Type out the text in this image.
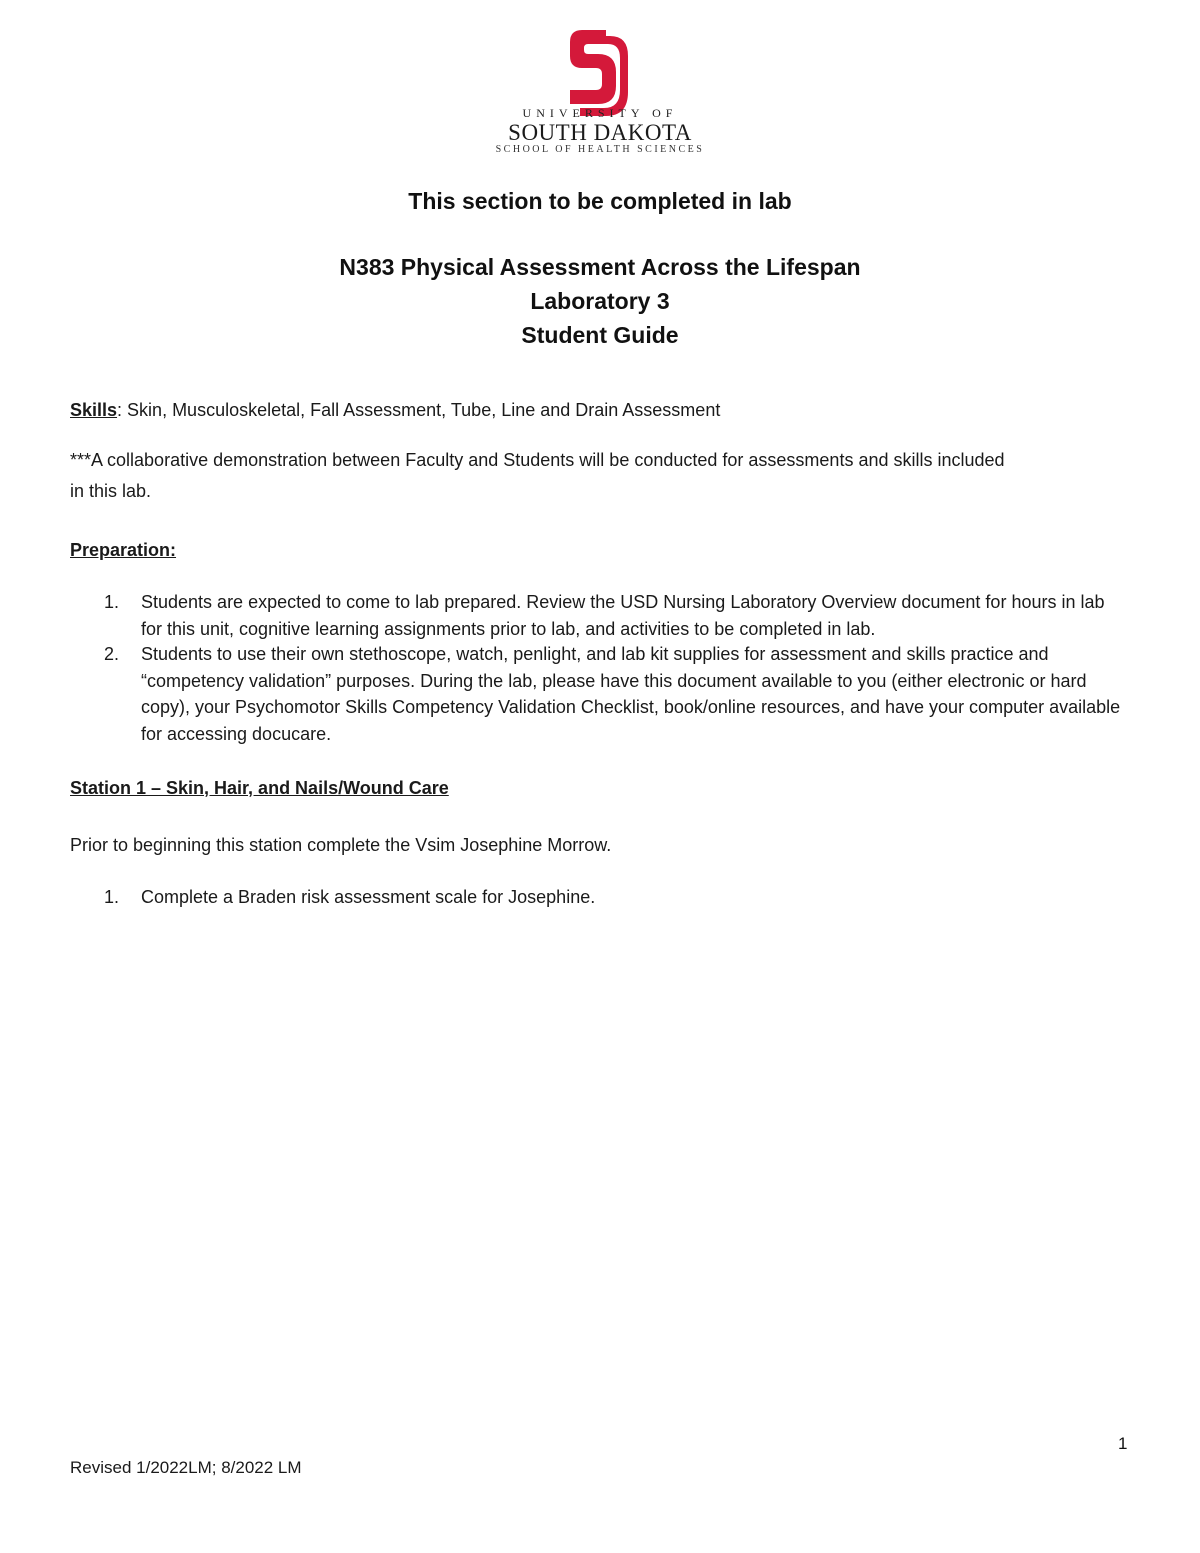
UNIVERSITY OF
SOUTH DAKOTA
SCHOOL OF HEALTH SCIENCES
This section to be completed in lab
N383 Physical Assessment Across the Lifespan
Laboratory 3
Student Guide
Skills: Skin, Musculoskeletal, Fall Assessment, Tube, Line and Drain Assessment
***A collaborative demonstration between Faculty and Students will be conducted for assessments and skills included
in this lab.
Preparation:
1. Students are expected to come to lab prepared. Review the USD Nursing Laboratory Overview document for hours in lab for this unit, cognitive learning assignments prior to lab, and activities to be completed in lab.
2. Students to use their own stethoscope, watch, penlight, and lab kit supplies for assessment and skills practice and “competency validation” purposes. During the lab, please have this document available to you (either electronic or hard copy), your Psychomotor Skills Competency Validation Checklist, book/online resources, and have your computer available for accessing docucare.
Station 1 – Skin, Hair, and Nails/Wound Care
Prior to beginning this station complete the Vsim Josephine Morrow.
1. Complete a Braden risk assessment scale for Josephine.
1
Revised 1/2022LM; 8/2022 LM
